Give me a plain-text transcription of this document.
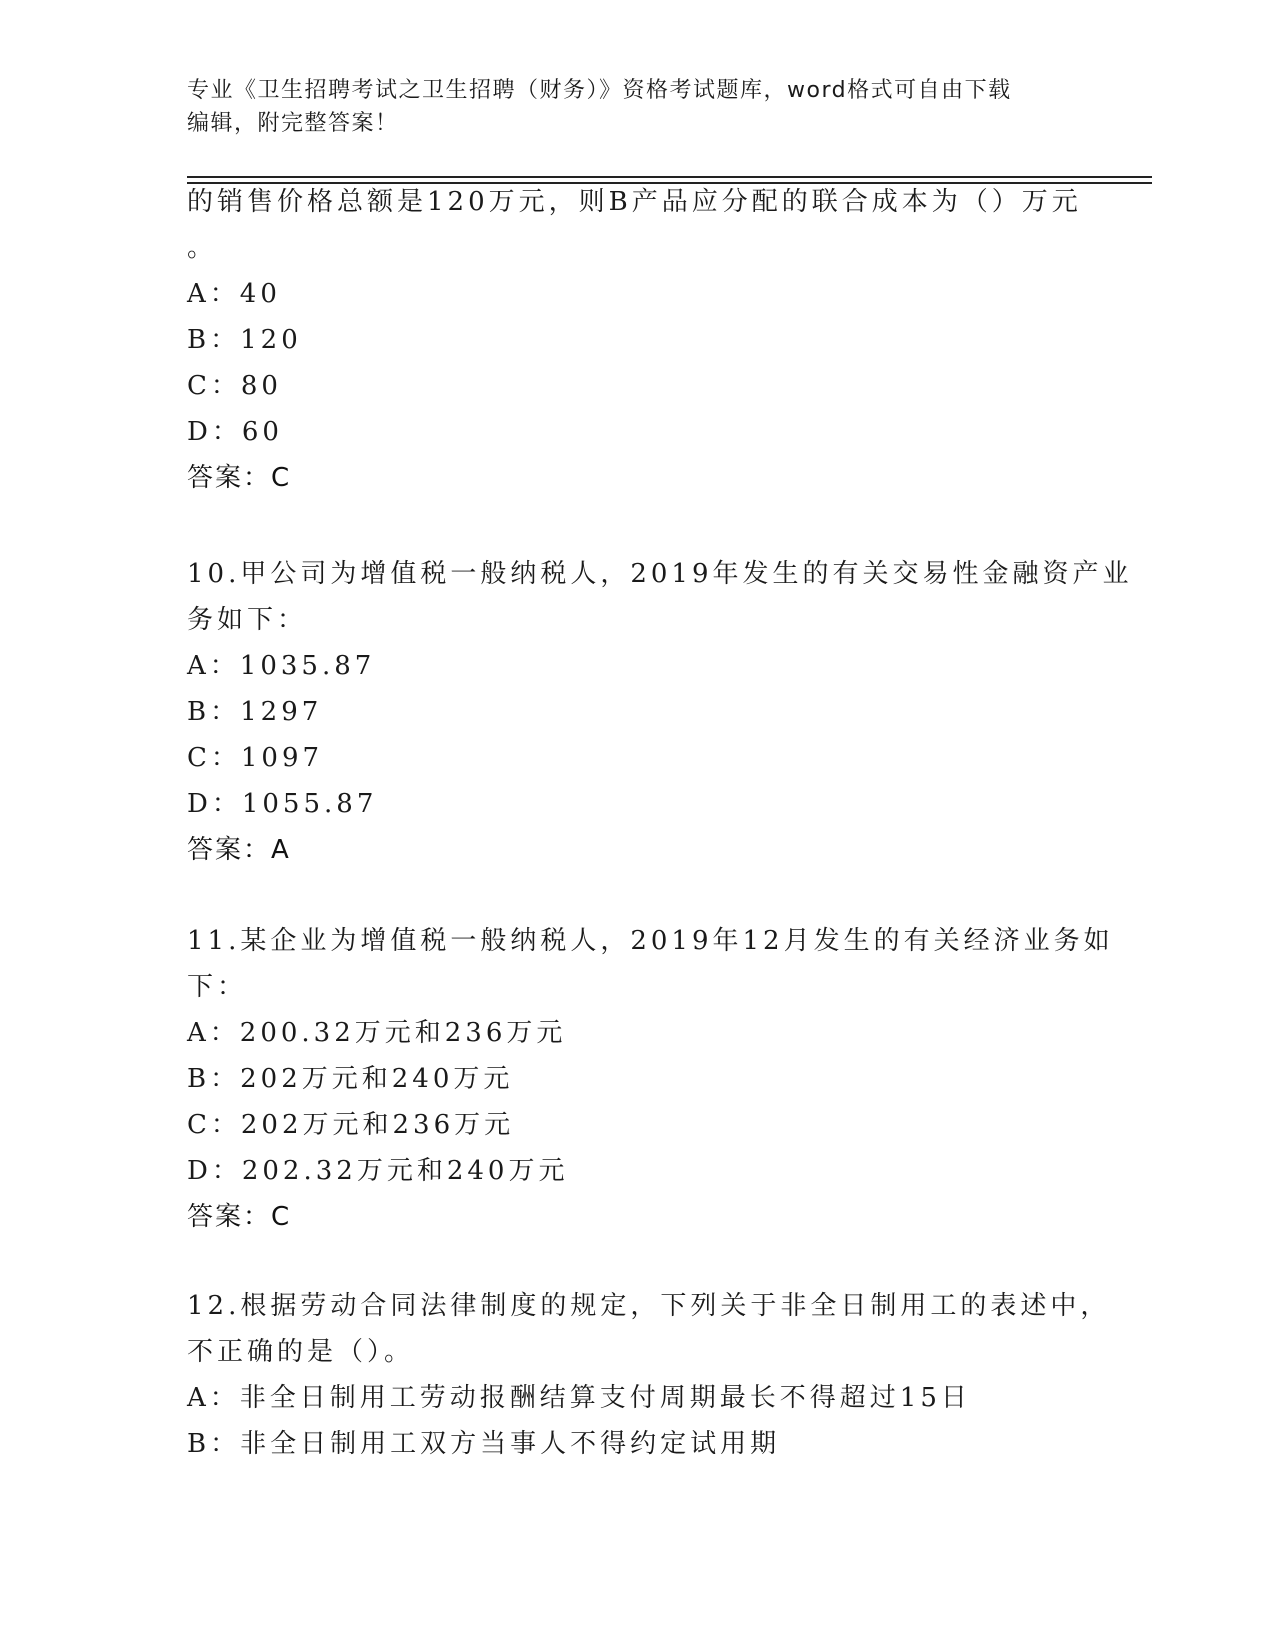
专业《卫生招聘考试之卫生招聘（财务）》资格考试题库，word格式可自由下载
编辑，附完整答案！
的销售价格总额是120万元，则B产品应分配的联合成本为（）万元
。
A：40
B：120
C：80
D：60
答案：C
10.甲公司为增值税一般纳税人，2019年发生的有关交易性金融资产业
务如下：
A：1035.87
B：1297
C：1097
D：1055.87
答案：A
11.某企业为增值税一般纳税人，2019年12月发生的有关经济业务如
下：
A：200.32万元和236万元
B：202万元和240万元
C：202万元和236万元
D：202.32万元和240万元
答案：C
12.根据劳动合同法律制度的规定，下列关于非全日制用工的表述中，
不正确的是（）。
A：非全日制用工劳动报酬结算支付周期最长不得超过15日
B：非全日制用工双方当事人不得约定试用期
